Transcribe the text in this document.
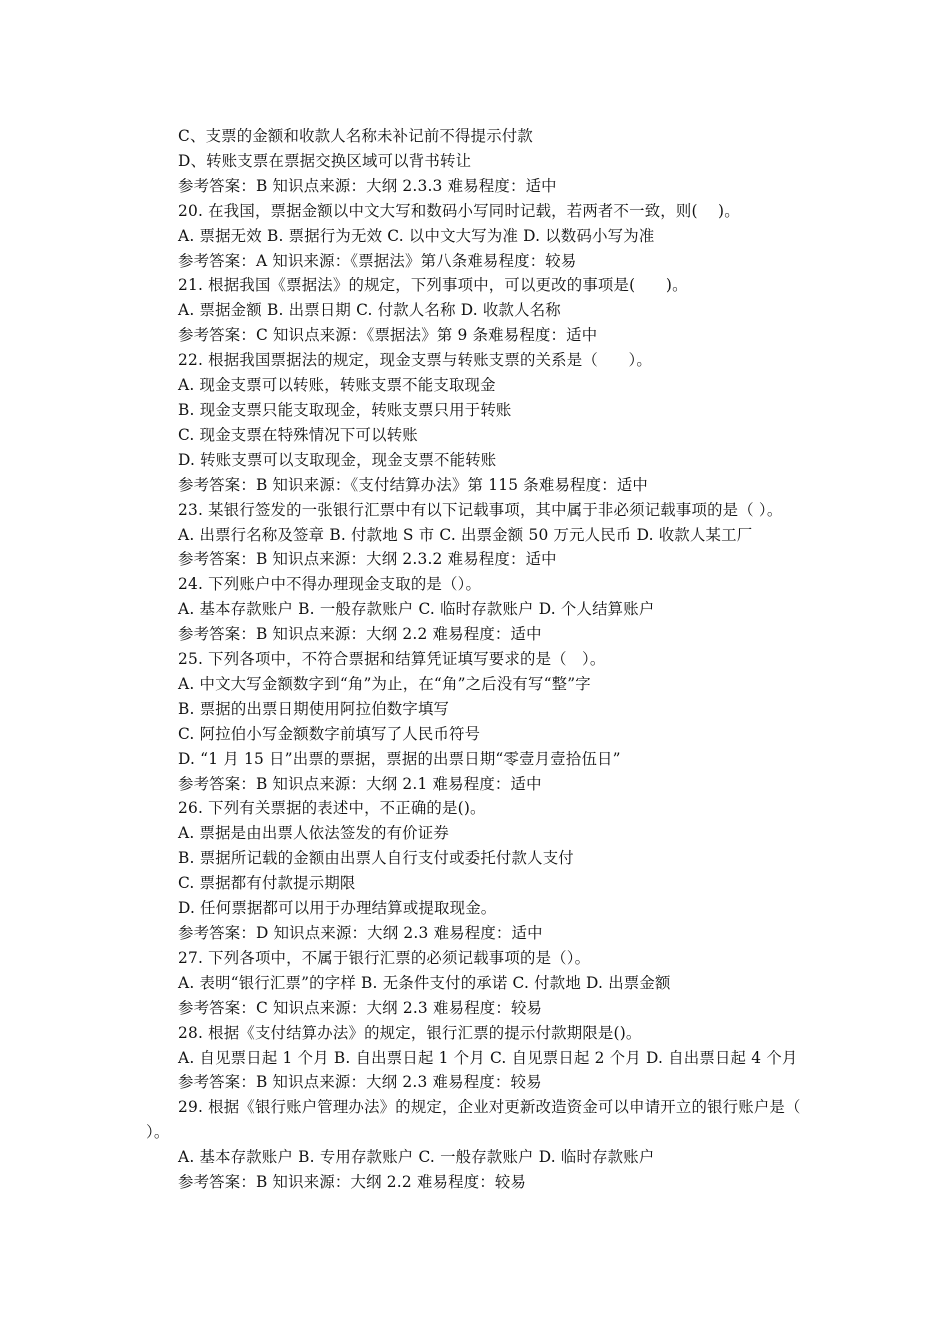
C、支票的金额和收款人名称未补记前不得提示付款

D、转账支票在票据交换区域可以背书转让

参考答案：B 知识点来源：大纲 2.3.3 难易程度：适中

20. 在我国，票据金额以中文大写和数码小写同时记载，若两者不一致，则(    )。

A. 票据无效 B. 票据行为无效 C. 以中文大写为准 D. 以数码小写为准

参考答案：A 知识来源：《票据法》第八条难易程度：较易

21. 根据我国《票据法》的规定，下列事项中，可以更改的事项是(      )。

A. 票据金额 B. 出票日期 C. 付款人名称 D. 收款人名称

参考答案：C 知识点来源：《票据法》第 9 条难易程度：适中

22. 根据我国票据法的规定，现金支票与转账支票的关系是（      ）。

A. 现金支票可以转账，转账支票不能支取现金

B. 现金支票只能支取现金，转账支票只用于转账

C. 现金支票在特殊情况下可以转账

D. 转账支票可以支取现金，现金支票不能转账

参考答案：B 知识来源：《支付结算办法》第 115 条难易程度：适中

23. 某银行签发的一张银行汇票中有以下记载事项，其中属于非必须记载事项的是（ ）。

A. 出票行名称及签章 B. 付款地 S 市 C. 出票金额 50 万元人民币 D. 收款人某工厂

参考答案：B 知识点来源：大纲 2.3.2 难易程度：适中

24. 下列账户中不得办理现金支取的是（）。

A. 基本存款账户 B. 一般存款账户 C. 临时存款账户 D. 个人结算账户

参考答案：B 知识点来源：大纲 2.2 难易程度：适中

25. 下列各项中，不符合票据和结算凭证填写要求的是（   ）。

A. 中文大写金额数字到“角”为止，在“角”之后没有写“整”字

B. 票据的出票日期使用阿拉伯数字填写

C. 阿拉伯小写金额数字前填写了人民币符号

D. “1 月 15 日”出票的票据，票据的出票日期“零壹月壹拾伍日”

参考答案：B 知识点来源：大纲 2.1 难易程度：适中

26. 下列有关票据的表述中，不正确的是()。

A. 票据是由出票人依法签发的有价证券

B. 票据所记载的金额由出票人自行支付或委托付款人支付

C. 票据都有付款提示期限

D. 任何票据都可以用于办理结算或提取现金。

参考答案：D 知识点来源：大纲 2.3 难易程度：适中

27. 下列各项中，不属于银行汇票的必须记载事项的是（）。

A. 表明“银行汇票”的字样 B. 无条件支付的承诺 C. 付款地 D. 出票金额

参考答案：C 知识点来源：大纲 2.3 难易程度：较易

28. 根据《支付结算办法》的规定，银行汇票的提示付款期限是()。

A. 自见票日起 1 个月 B. 自出票日起 1 个月 C. 自见票日起 2 个月 D. 自出票日起 4 个月

参考答案：B 知识点来源：大纲 2.3 难易程度：较易

29. 根据《银行账户管理办法》的规定，企业对更新改造资金可以申请开立的银行账户是（   ）。

A. 基本存款账户 B. 专用存款账户 C. 一般存款账户 D. 临时存款账户

参考答案：B 知识来源：大纲 2.2 难易程度：较易
